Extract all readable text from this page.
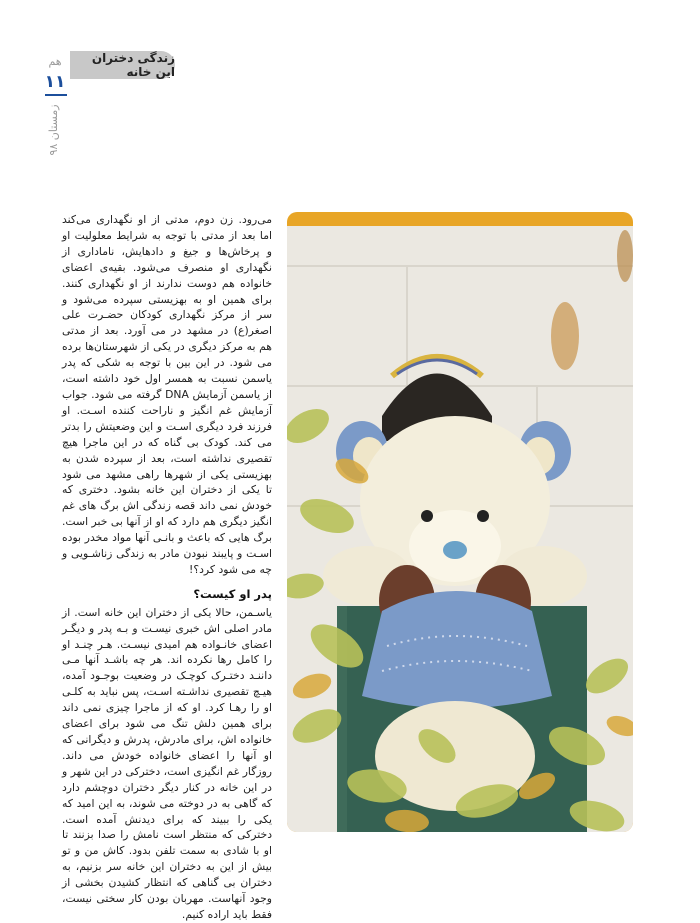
هم	زندگی دختران این خانه
۱۱
زمستان ۹۸

می‌رود. زن دوم، مدتی از او نگهداری می‌کند اما بعد از مدتی با توجه به شرایط معلولیت او و پرخاش‌ها و جیغ و دادهایش، ناماداری از نگهداری او منصرف می‌شود. بقیه‌ی اعضای خانواده هم دوست ندارند از او نگهداری کنند. برای همین او به بهزیستی سپرده می‌شود و سر از مرکز نگهداری کودکان حضـرت علی اصغر(ع) در مشهد در می آورد. بعد از مدتی هم به مرکز دیگری در یکی از شهرستان‌ها برده می شود. در این بین با توجه به شکی که پدر یاسمن نسبت به همسر اول خود داشته است، از یاسمن آزمایش DNA گرفته می شود. جواب آزمایش غم انگیز و ناراحت کننده اسـت. او فرزند فرد دیگری اسـت و این وضعیتش را بدتر می کند. کودک بی گناه که در این ماجرا هیچ تقصیری نداشته است، بعد از سپرده شدن به بهزیستی یکی از شهرها راهی مشهد می شود تا یکی از دختران این خانه بشود. دختری که خودش نمی داند قصه زندگی اش برگ های غم انگیز دیگری هم دارد که او از آنها بی خبر است. برگ هایی که باعث و بانـی آنها مواد مخدر بوده اسـت و پایبند نبودن مادر به زندگی زناشـویی و چه می شود کرد؟!

پدر او کیست؟

یاسـمن، حالا یکی از دختران این خانه است. از مادر اصلی اش خبری نیسـت و بـه پدر و دیگـر اعضای خانـواده هم امیدی نیسـت. هـر چنـد او را کامل رها نکرده اند. هر چه باشـد آنها مـی داننـد دختـرک کوچـک در وضعیت بوجـود آمده، هیـچ تقصیری نداشـته اسـت، پس نباید به کلـی او را رهـا کرد. او که از ماجرا چیزی نمی داند برای همین دلش تنگ می شود برای اعضای خانواده اش، برای مادرش، پدرش و دیگرانی که او آنها را اعضای خانواده خودش می داند. روزگار غم انگیزی است، دخترکی در این شهر و در این خانه در کنار دیگر دختران دوچشم دارد که گاهی به در دوخته می شوند، به این امید که یکی را ببیند که برای دیدنش آمده است. دخترکی که منتظر است نامش را صدا بزنند تا او با شادی به سمت تلفن بدود. کاش من و تو بیش از این به دختران این خانه سر بزنیم، به دختران بی گناهی که انتظار کشیدن بخشی از وجود آنهاست. مهربان بودن کار سختی نیست، فقط باید اراده کنیم.
